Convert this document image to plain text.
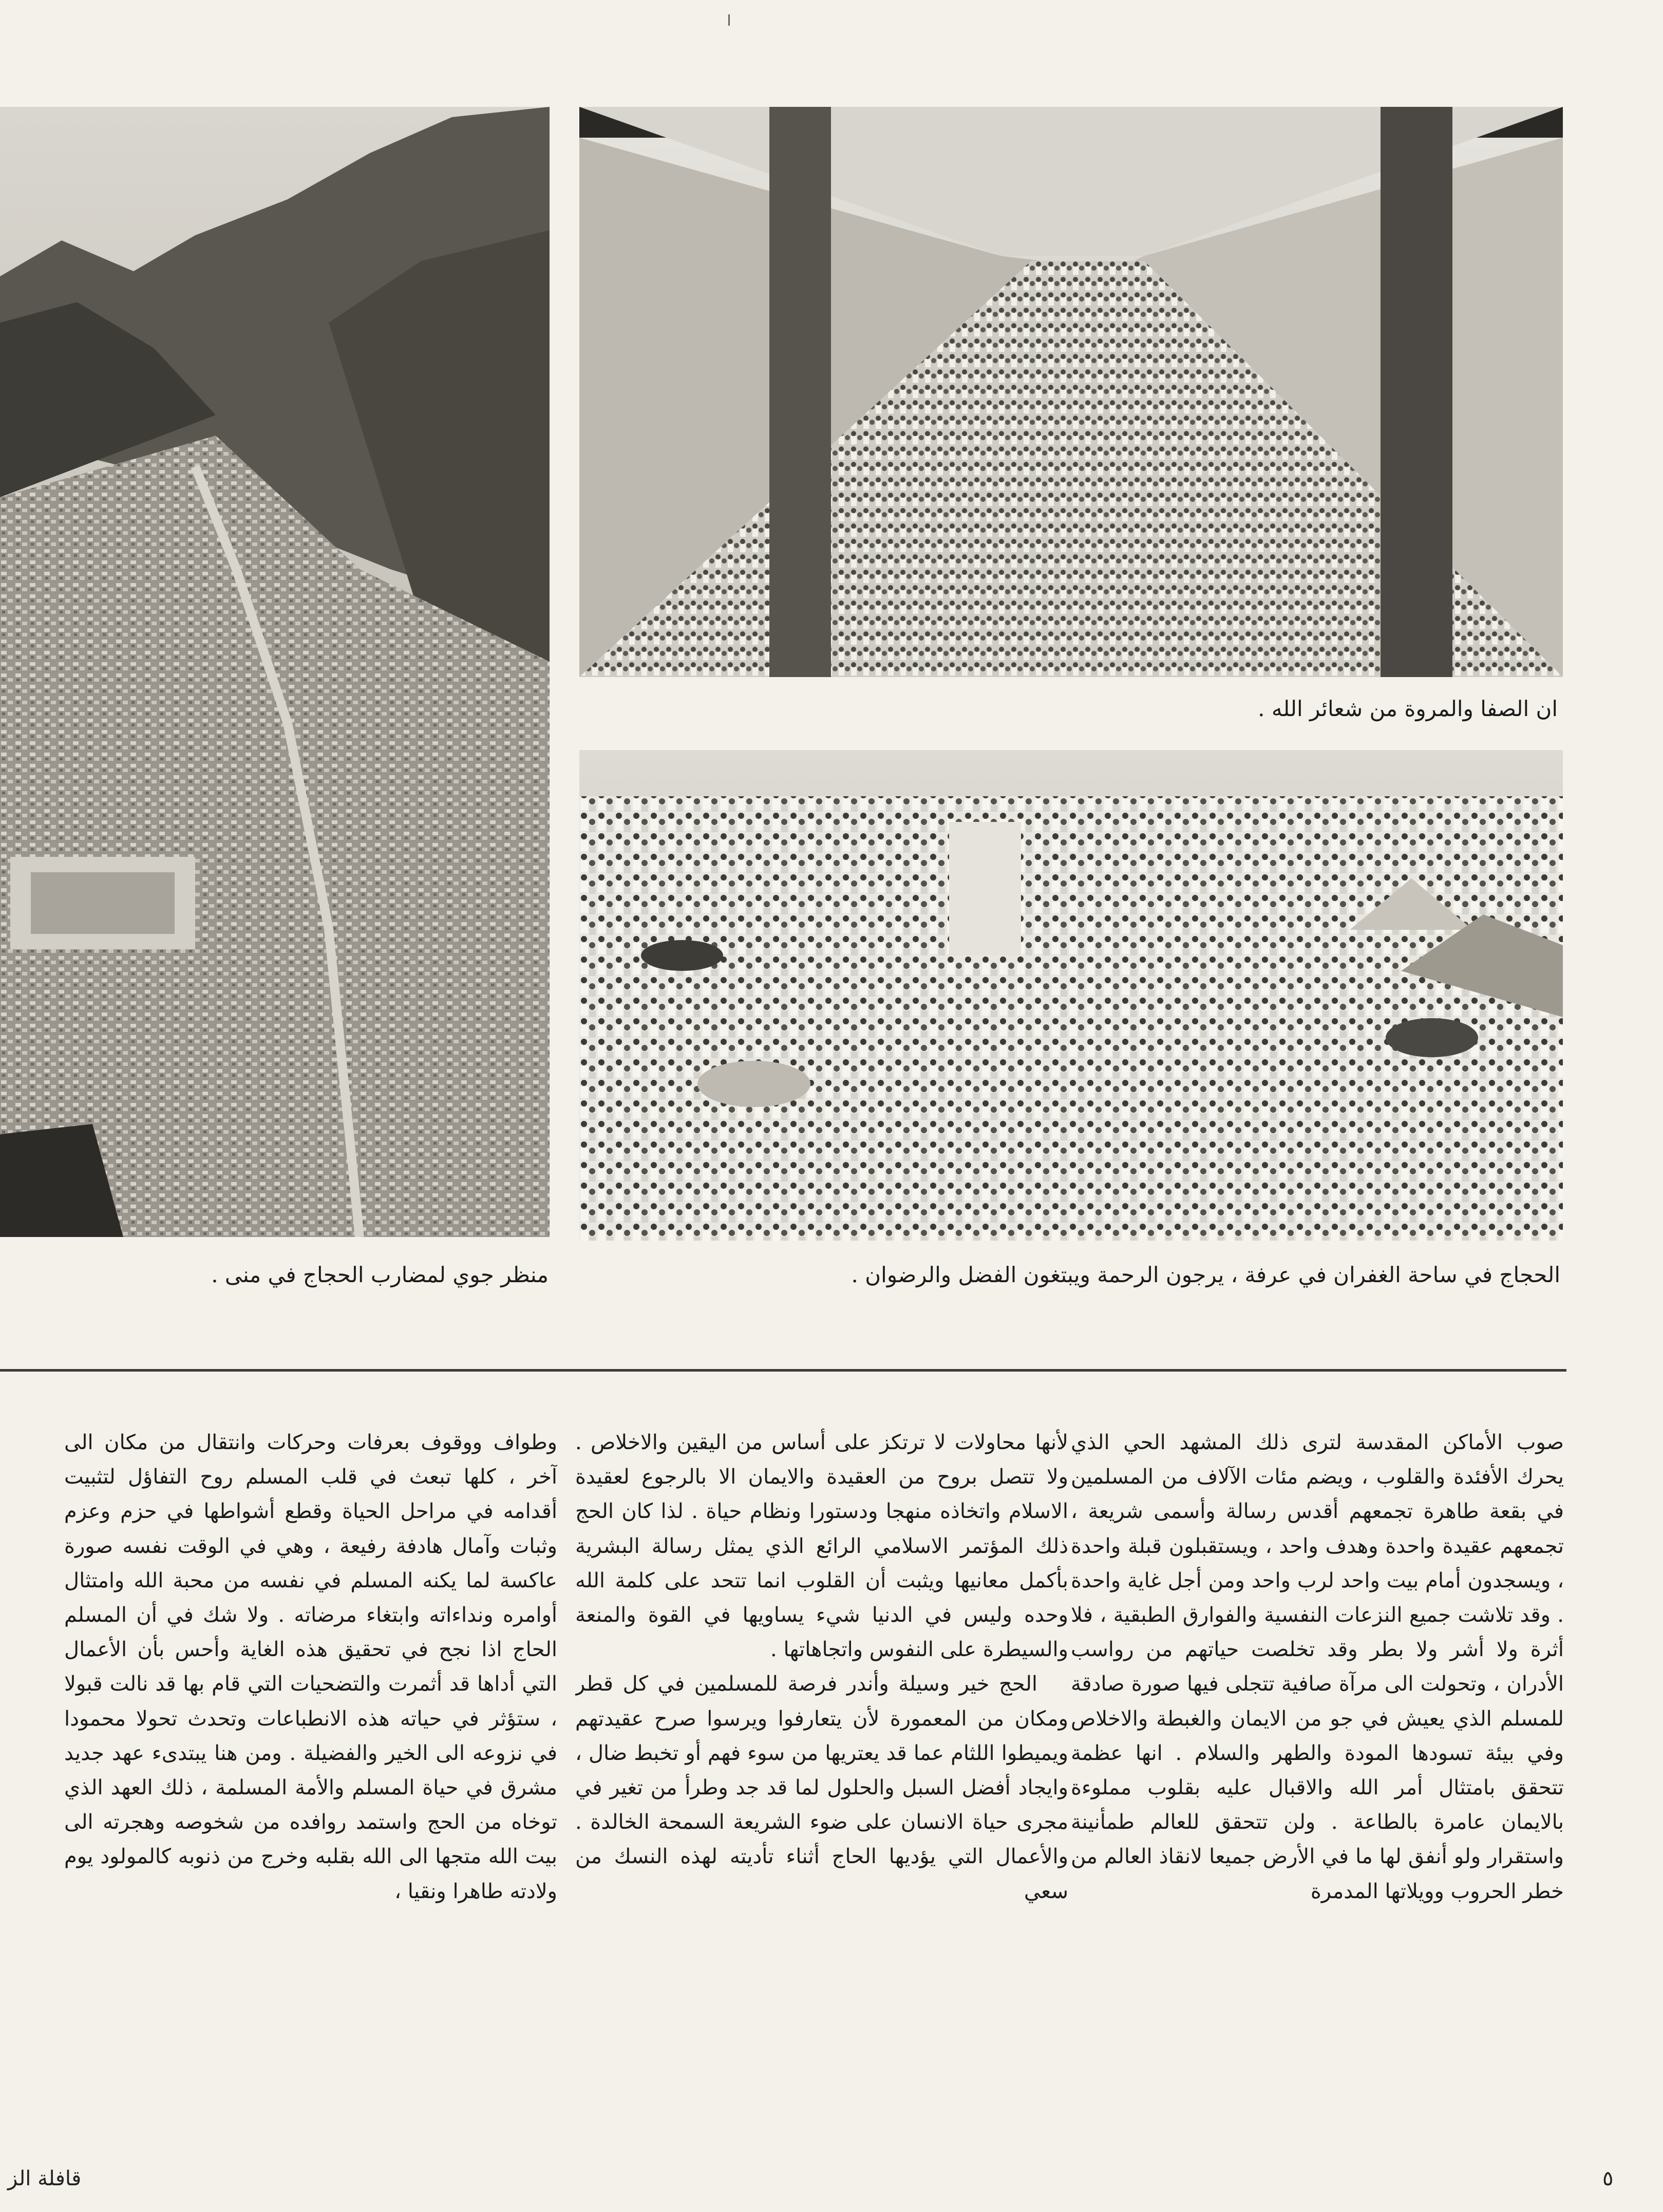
ان الصفا والمروة من شعائر الله .
الحجاج في ساحة الغفران في عرفة ، يرجون الرحمة ويبتغون الفضل والرضوان .
منظر جوي لمضارب الحجاج في منى .

صوب الأماكن المقدسة لترى ذلك المشهد الحي الذي يحرك الأفئدة والقلوب ، ويضم مئات الآلاف من المسلمين في بقعة طاهرة تجمعهم أقدس رسالة وأسمى شريعة ، تجمعهم عقيدة واحدة وهدف واحد ، ويستقبلون قبلة واحدة ، ويسجدون أمام بيت واحد لرب واحد ومن أجل غاية واحدة . وقد تلاشت جميع النزعات النفسية والفوارق الطبقية ، فلا أثرة ولا أشر ولا بطر وقد تخلصت حياتهم من رواسب الأدران ، وتحولت الى مرآة صافية تتجلى فيها صورة صادقة للمسلم الذي يعيش في جو من الايمان والغبطة والاخلاص وفي بيئة تسودها المودة والطهر والسلام . انها عظمة تتحقق بامتثال أمر الله والاقبال عليه بقلوب مملوءة بالايمان عامرة بالطاعة . ولن تتحقق للعالم طمأنينة واستقرار ولو أنفق لها ما في الأرض جميعا لانقاذ العالم من خطر الحروب وويلاتها المدمرة

لأنها محاولات لا ترتكز على أساس من اليقين والاخلاص . ولا تتصل بروح من العقيدة والايمان الا بالرجوع لعقيدة الاسلام واتخاذه منهجا ودستورا ونظام حياة . لذا كان الحج ذلك المؤتمر الاسلامي الرائع الذي يمثل رسالة البشرية بأكمل معانيها ويثبت أن القلوب انما تتحد على كلمة الله وحده وليس في الدنيا شيء يساويها في القوة والمنعة والسيطرة على النفوس واتجاهاتها .

الحج خير وسيلة وأندر فرصة للمسلمين في كل قطر ومكان من المعمورة لأن يتعارفوا ويرسوا صرح عقيدتهم ويميطوا اللثام عما قد يعتريها من سوء فهم أو تخبط ضال ، وايجاد أفضل السبل والحلول لما قد جد وطرأ من تغير في مجرى حياة الانسان على ضوء الشريعة السمحة الخالدة . والأعمال التي يؤديها الحاج أثناء تأديته لهذه النسك من سعي

وطواف ووقوف بعرفات وحركات وانتقال من مكان الى آخر ، كلها تبعث في قلب المسلم روح التفاؤل لتثبيت أقدامه في مراحل الحياة وقطع أشواطها في حزم وعزم وثبات وآمال هادفة رفيعة ، وهي في الوقت نفسه صورة عاكسة لما يكنه المسلم في نفسه من محبة الله وامتثال أوامره ونداءاته وابتغاء مرضاته . ولا شك في أن المسلم الحاج اذا نجح في تحقيق هذه الغاية وأحس بأن الأعمال التي أداها قد أثمرت والتضحيات التي قام بها قد نالت قبولا ، ستؤثر في حياته هذه الانطباعات وتحدث تحولا محمودا في نزوعه الى الخير والفضيلة . ومن هنا يبتدىء عهد جديد مشرق في حياة المسلم والأمة المسلمة ، ذلك العهد الذي توخاه من الحج واستمد روافده من شخوصه وهجرته الى بيت الله متجها الى الله بقلبه وخرج من ذنوبه كالمولود يوم ولادته طاهرا ونقيا ،

٥
قافلة الز
